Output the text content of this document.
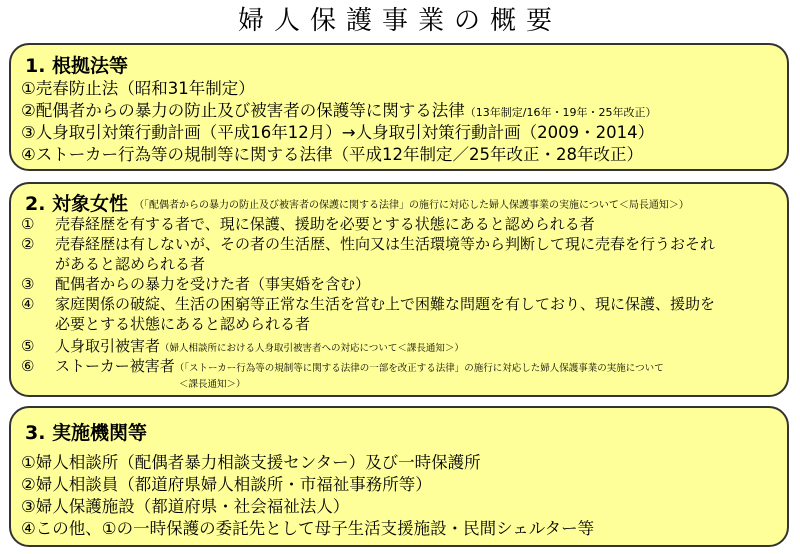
婦人保護事業の概要
1. 根拠法等
①売春防止法（昭和31年制定）
②配偶者からの暴力の防止及び被害者の保護等に関する法律（13年制定/16年・19年・25年改正）
③人身取引対策行動計画（平成16年12月）→人身取引対策行動計画（2009・2014）
④ストーカー行為等の規制等に関する法律（平成12年制定／25年改正・28年改正）
2. 対象女性 （「配偶者からの暴力の防止及び被害者の保護に関する法律」の施行に対応した婦人保護事業の実施について＜局長通知＞）
① 売春経歴を有する者で、現に保護、援助を必要とする状態にあると認められる者
② 売春経歴は有しないが、その者の生活歴、性向又は生活環境等から判断して現に売春を行うおそれ
があると認められる者
③ 配偶者からの暴力を受けた者（事実婚を含む）
④ 家庭関係の破綻、生活の困窮等正常な生活を営む上で困難な問題を有しており、現に保護、援助を
必要とする状態にあると認められる者
⑤ 人身取引被害者（婦人相談所における人身取引被害者への対応について＜課長通知＞）
⑥ ストーカー被害者（「ストーカー行為等の規制等に関する法律の一部を改正する法律」の施行に対応した婦人保護事業の実施について
＜課長通知＞）
3. 実施機関等
①婦人相談所（配偶者暴力相談支援センター）及び一時保護所
②婦人相談員（都道府県婦人相談所・市福祉事務所等）
③婦人保護施設（都道府県・社会福祉法人）
④この他、①の一時保護の委託先として母子生活支援施設・民間シェルター等
